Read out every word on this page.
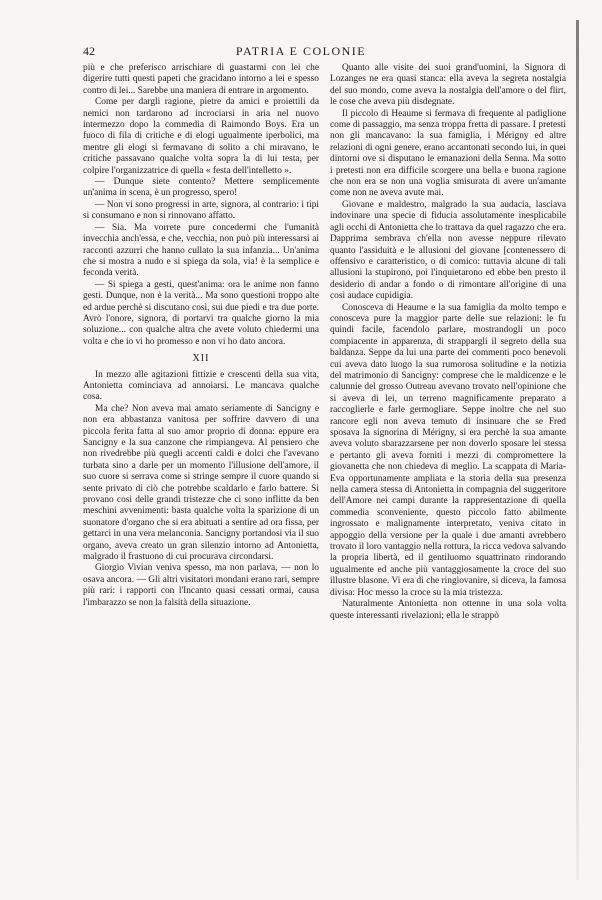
42	PATRIA E COLONIE

più e che preferisco arrischiare di guastarmi con lei che digerire tutti questi papeti che gracidano intorno a lei e spesso contro di lei... Sarebbe una maniera di entrare in argomento.

Come per dargli ragione, pietre da amici e proiettili da nemici non tardarono ad incrociarsi in aria nel nuovo intermezzo dopo la commedia di Raimondo Boys. Era un fuoco di fila di critiche e di elogi ugualmente iperbolici, ma mentre gli elogi si fermavano di solito a chi miravano, le critiche passavano qualche volta sopra la di lui testa, per colpire l'organizzatrice di quella « festa dell'intelletto ».

— Dunque siete contento? Mettere semplicemente un'anima in scena, è un progresso, spero!

— Non vi sono progressi in arte, signora, al contrario: i tipi si consumano e non si rinnovano affatto.

— Sia. Ma vorrete pure concedermi che l'umanità invecchia anch'essa, e che, vecchia, non può più interessarsi ai racconti azzurri che hanno cullato la sua infanzia... Un'anima che si mostra a nudo e si spiega da sola, via! è la semplice e feconda verità.

— Si spiega a gesti, quest'anima: ora le anime non fanno gesti. Dunque, non è la verità... Ma sono questioni troppo alte ed ardue perchè si discutano così, sui due piedi e tra due porte. Avrò l'onore, signora, di portarvi tra qualche giorno la mia soluzione... con qualche altra che avete voluto chiedermi una volta e che io vi ho promesso e non vi ho dato ancora.

XII

In mezzo alle agitazioni fittizie e crescenti della sua vita, Antonietta cominciava ad annoiarsi. Le mancava qualche cosa.

Ma che? Non aveva mai amato seriamente di Sancigny e non era abbastanza vanitosa per soffrire davvero di una piccola ferita fatta al suo amor proprio di donna: eppure era Sancigny e la sua canzone che rimpiangeva. Al pensiero che non rivedrebbe più quegli accenti caldi e dolci che l'avevano turbata sino a darle per un momento l'illusione dell'amore, il suo cuore si serrava come si stringe sempre il cuore quando si sente privato di ciò che potrebbe scaldarlo e farlo battere. Si provano così delle grandi tristezze che ci sono inflitte da ben meschini avvenimenti: basta qualche volta la sparizione di un suonatore d'organo che si era abituati a sentire ad ora fissa, per gettarci in una vera melanconia. Sancigny portandosi via il suo organo, aveva creato un gran silenzio intorno ad Antonietta, malgrado il frastuono di cui procurava circondarsi.

Giorgio Vivian veniva spesso, ma non parlava, — non lo osava ancora. — Gli altri visitatori mondani erano rari, sempre più rari: i rapporti con l'Incanto quasi cessati ormai, causa l'imbarazzo se non la falsità della situazione.

Quanto alle visite dei suoi grand'uomini, la Signora di Lozanges ne era quasi stanca: ella aveva la segreta nostalgia del suo mondo, come aveva la nostalgia dell'amore o del flirt, le cose che aveva più disdegnate.

Il piccolo di Heaume si fermava di frequente al padiglione come di passaggio, ma senza troppa fretta di passare. I pretesti non gli mancavano: la sua famiglia, i Mérigny ed altre relazioni di ogni genere, erano accantonati secondo lui, in quei dintorni ove si disputano le emanazioni della Senna. Ma sotto i pretesti non era difficile scorgere una bella e buona ragione che non era se non una voglia smisurata di avere un'amante come non ne aveva avute mai.

Giovane e maldestro, malgrado la sua audacia, lasciava indovinare una specie di fiducia assolutamente inesplicabile agli occhi di Antonietta che lo trattava da quel ragazzo che era. Dapprima sembrava ch'ella non avesse neppure rilevato quanto l'assiduità e le allusioni del giovane [contenessero di offensivo e caratteristico, o di comico: tuttavia alcune di tali allusioni la stupirono, poi l'inquietarono ed ebbe ben presto il desiderio di andar a fondo o di rimontare all'origine di una così audace cupidigia.

Conosceva di Heaume e la sua famiglia da molto tempo e conosceva pure la maggior parte delle sue relazioni: le fu quindi facile, facendolo parlare, mostrandogli un poco compiacente in apparenza, di strappargli il segreto della sua baldanza. Seppe da lui una parte dei commenti poco benevoli cui aveva dato luogo la sua rumorosa solitudine e la notizia del matrimonio di Sancigny: comprese che le maldicenze e le calunnie del grosso Outreau avevano trovato nell'opinione che si aveva di lei, un terreno magnificamente preparato a raccoglierle e farle germogliare. Seppe inoltre che nel suo rancore egli non aveva temuto di insinuare che se Fred sposava la signorina di Mérigny, si era perchè la sua amante aveva voluto sbarazzarsene per non doverlo sposare lei stessa e pertanto gli aveva forniti i mezzi di compromettere la giovanetta che non chiedeva di meglio. La scappata di Maria-Eva opportunamente ampliata e la storia della sua presenza nella camera stessa di Antonietta in compagnia del suggeritore dell'Amore nei campi durante la rappresentazione di quella commedia sconveniente, questo piccolo fatto abilmente ingrossato e malignamente interpretato, veniva citato in appoggio della versione per la quale i due amanti avrebbero trovato il loro vantaggio nella rottura, la ricca vedova salvando la propria libertà, ed il gentiluomo squattrinato rindorando ugualmente ed anche più vantaggiosamente la croce del suo illustre blasone. Vi era di che ringiovanire, si diceva, la famosa divisa: Hoc messo la croce su la mia tristezza.

Naturalmente Antonietta non ottenne in una sola volta queste interessanti rivelazioni; ella le strappò
